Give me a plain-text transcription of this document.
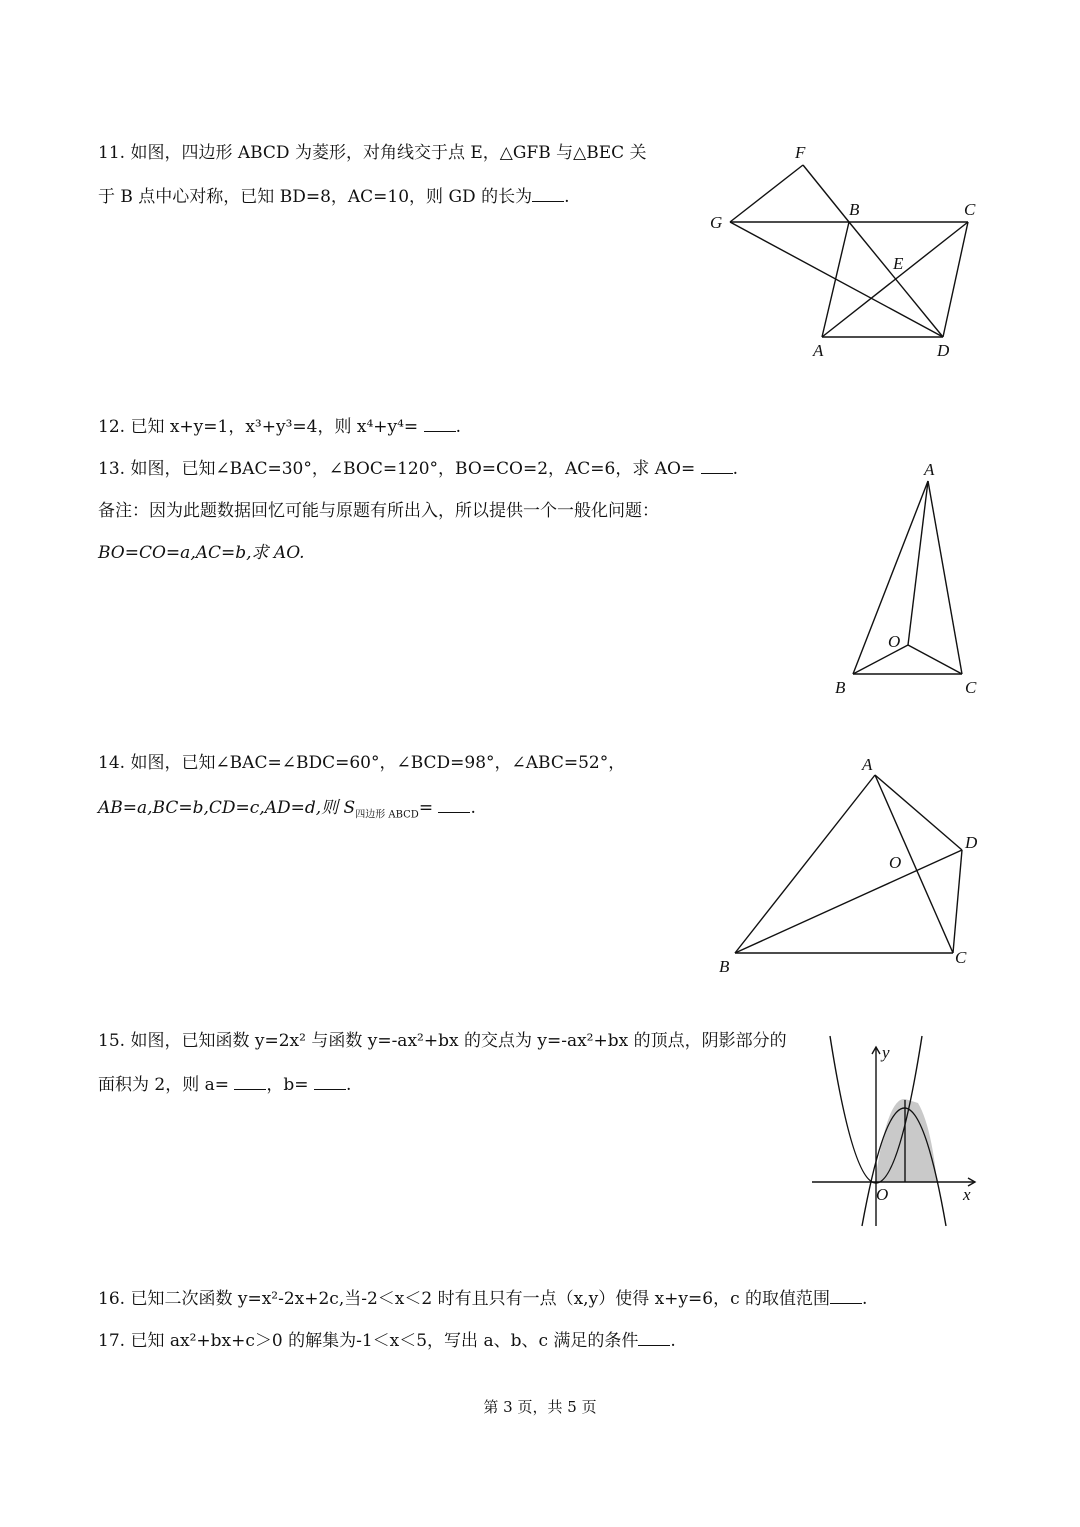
11. 如图，四边形 ABCD 为菱形，对角线交于点 E，△GFB 与△BEC 关
于 B 点中心对称，已知 BD=8，AC=10，则 GD 的长为 .
F
G
B	C
E
A	D
12. 已知 x+y=1，x³+y³=4，则 x⁴+y⁴= .
13. 如图，已知∠BAC=30°，∠BOC=120°，BO=CO=2，AC=6，求 AO= .
备注：因为此题数据回忆可能与原题有所出入，所以提供一个一般化问题：
BO=CO=a,AC=b,求 AO.
A
O
B	C
14. 如图，已知∠BAC=∠BDC=60°，∠BCD=98°，∠ABC=52°，
AB=a,BC=b,CD=c,AD=d,则 $S_{四边形 ABCD}=$ .
A
D
O
B	C
15. 如图，已知函数 y=2x² 与函数 y=-ax²+bx 的交点为 y=-ax²+bx 的顶点，阴影部分的
面积为 2，则 a= ，b= .
y
O	x
16. 已知二次函数 y=x²-2x+2c,当-2＜x＜2 时有且只有一点（x,y）使得 x+y=6，c 的取值范围 .
17. 已知 ax²+bx+c＞0 的解集为-1＜x＜5，写出 a、b、c 满足的条件 .
第 3 页，共 5 页
